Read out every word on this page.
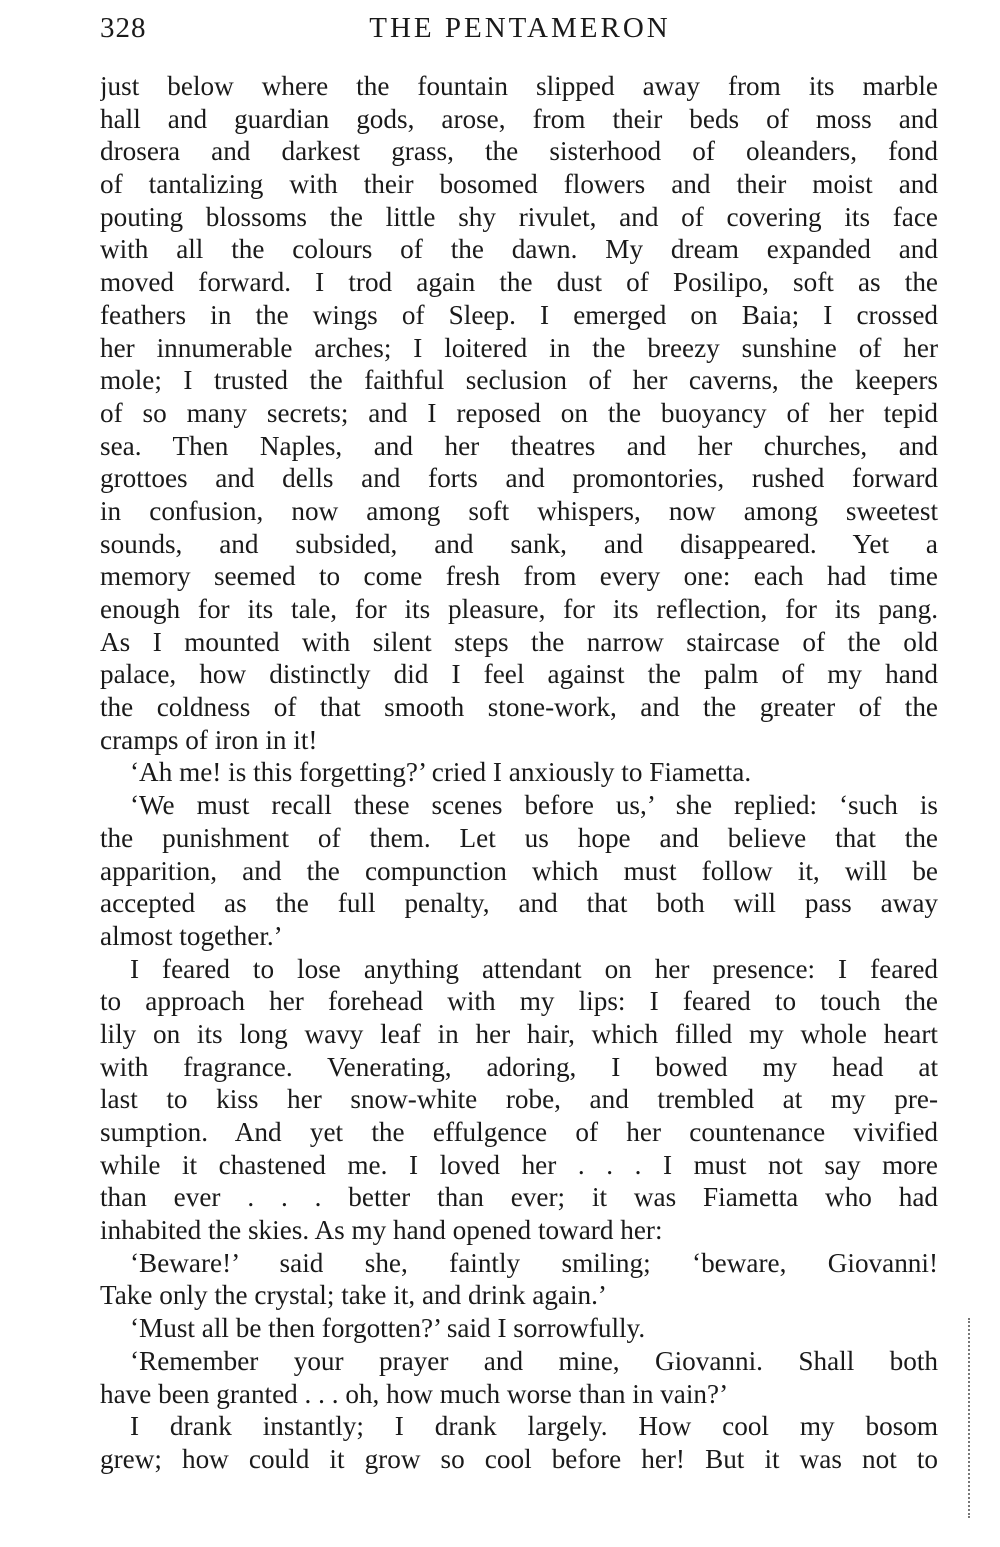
328	THE PENTAMERON
just below where the fountain slipped away from its marble
hall and guardian gods, arose, from their beds of moss and
drosera and darkest grass, the sisterhood of oleanders, fond
of tantalizing with their bosomed flowers and their moist and
pouting blossoms the little shy rivulet, and of covering its face
with all the colours of the dawn. My dream expanded and
moved forward. I trod again the dust of Posilipo, soft as the
feathers in the wings of Sleep. I emerged on Baia; I crossed
her innumerable arches; I loitered in the breezy sunshine of her
mole; I trusted the faithful seclusion of her caverns, the keepers
of so many secrets; and I reposed on the buoyancy of her tepid
sea. Then Naples, and her theatres and her churches, and
grottoes and dells and forts and promontories, rushed forward
in confusion, now among soft whispers, now among sweetest
sounds, and subsided, and sank, and disappeared. Yet a
memory seemed to come fresh from every one: each had time
enough for its tale, for its pleasure, for its reflection, for its pang.
As I mounted with silent steps the narrow staircase of the old
palace, how distinctly did I feel against the palm of my hand
the coldness of that smooth stone-work, and the greater of the
cramps of iron in it!
‘Ah me! is this forgetting?’ cried I anxiously to Fiametta.
‘We must recall these scenes before us,’ she replied: ‘such is
the punishment of them. Let us hope and believe that the
apparition, and the compunction which must follow it, will be
accepted as the full penalty, and that both will pass away
almost together.’
I feared to lose anything attendant on her presence: I feared
to approach her forehead with my lips: I feared to touch the
lily on its long wavy leaf in her hair, which filled my whole heart
with fragrance. Venerating, adoring, I bowed my head at
last to kiss her snow-white robe, and trembled at my pre-
sumption. And yet the effulgence of her countenance vivified
while it chastened me. I loved her . . . I must not say more
than ever . . . better than ever; it was Fiametta who had
inhabited the skies. As my hand opened toward her:
‘Beware!’ said she, faintly smiling; ‘beware, Giovanni!
Take only the crystal; take it, and drink again.’
‘Must all be then forgotten?’ said I sorrowfully.
‘Remember your prayer and mine, Giovanni. Shall both
have been granted . . . oh, how much worse than in vain?’
I drank instantly; I drank largely. How cool my bosom
grew; how could it grow so cool before her! But it was not to
